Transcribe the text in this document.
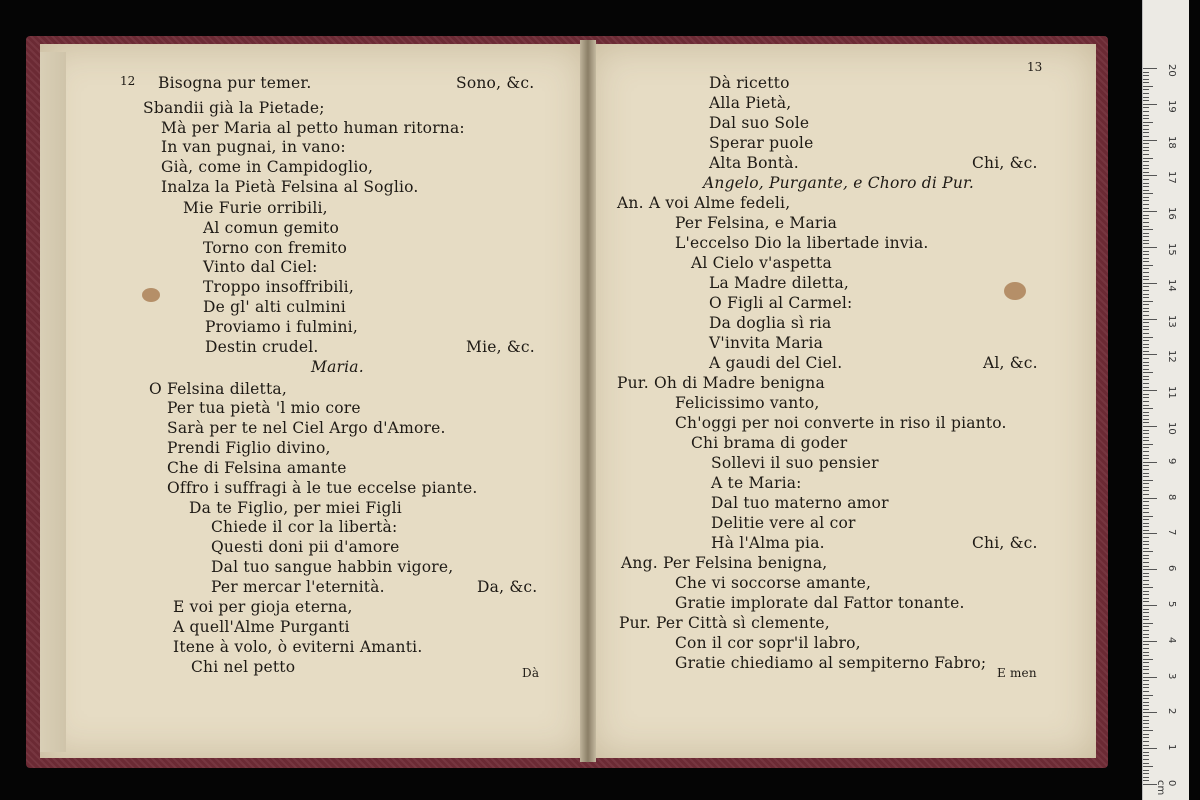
Bisogna pur temer.	Sono, &c.
Sbandii già la Pietade;
Mà per Maria al petto human ritorna:
In van pugnai, in vano:
Già, come in Campidoglio,
Inalza la Pietà Felsina al Soglio.
Mie Furie orribili,
Al comun gemito
Torno con fremito
Vinto dal Ciel:
Troppo insoffribili,
De gl' alti culmini
Proviamo i fulmini,
Destin crudel.	Mie, &c.
Maria.
O Felsina diletta,
Per tua pietà 'l mio core
Sarà per te nel Ciel Argo d'Amore.
Prendi Figlio divino,
Che di Felsina amante
Offro i suffragi à le tue eccelse piante.
Da te Figlio, per miei Figli
Chiede il cor la libertà:
Questi doni pii d'amore
Dal tuo sangue habbin vigore,
Per mercar l'eternità.	Da, &c.
E voi per gioja eterna,
A quell'Alme Purganti
Itene à volo, ò eviterni Amanti.
Chi nel petto	Dà
Dà ricetto
Alla Pietà,
Dal suo Sole
Sperar puole
Alta Bontà.	Chi, &c.
Angelo, Purgante, e Choro di Pur.
An. A voi Alme fedeli,
Per Felsina, e Maria
L'eccelso Dio la libertade invia.
Al Cielo v'aspetta
La Madre diletta,
O Figli al Carmel:
Da doglia sì ria
V'invita Maria
A gaudi del Ciel.	Al, &c.
Pur. Oh di Madre benigna
Felicissimo vanto,
Ch'oggi per noi converte in riso il pianto.
Chi brama di goder
Sollevi il suo pensier
A te Maria:
Dal tuo materno amor
Delitie vere al cor
Hà l'Alma pia.	Chi, &c.
Ang. Per Felsina benigna,
Che vi soccorse amante,
Gratie implorate dal Fattor tonante.
Pur. Per Città sì clemente,
Con il cor sopr'il labro,
Gratie chiediamo al sempiterno Fabro;
E men
12
13
0 cm
1
2
3
4
5
6
7
8
9
10
11
12
13
14
15
16
17
18
19
20
